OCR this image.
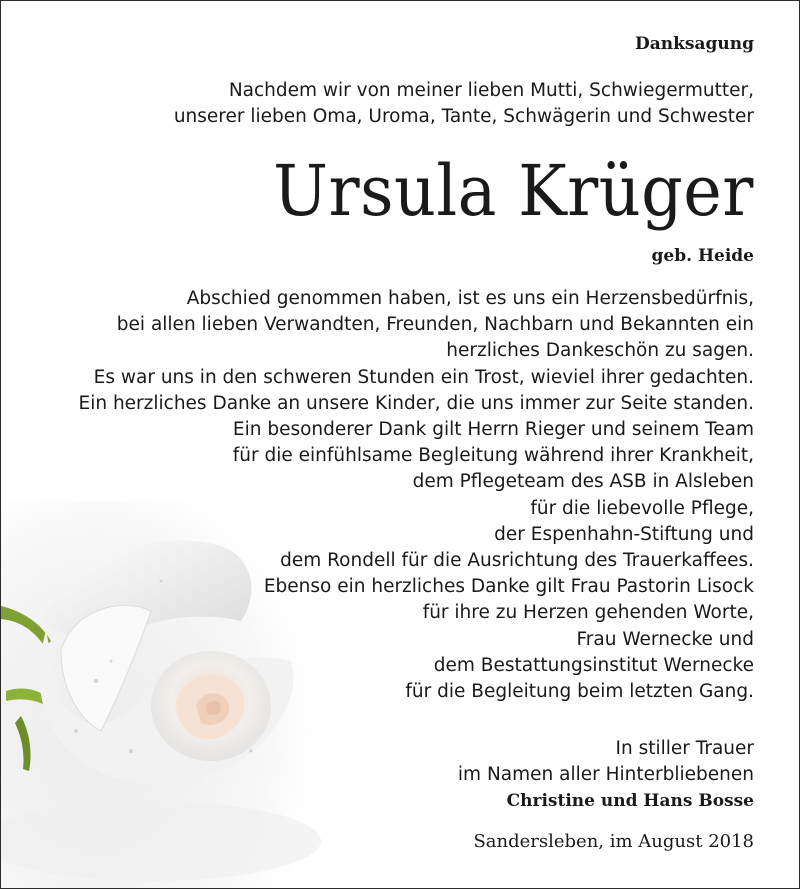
Danksagung
Nachdem wir von meiner lieben Mutti, Schwiegermutter,
unserer lieben Oma, Uroma, Tante, Schwägerin und Schwester
Ursula Krüger
geb. Heide
Abschied genommen haben, ist es uns ein Herzensbedürfnis,
bei allen lieben Verwandten, Freunden, Nachbarn und Bekannten ein
herzliches Dankeschön zu sagen.
Es war uns in den schweren Stunden ein Trost, wieviel ihrer gedachten.
Ein herzliches Danke an unsere Kinder, die uns immer zur Seite standen.
Ein besonderer Dank gilt Herrn Rieger und seinem Team
für die einfühlsame Begleitung während ihrer Krankheit,
dem Pflegeteam des ASB in Alsleben
für die liebevolle Pflege,
der Espenhahn-Stiftung und
dem Rondell für die Ausrichtung des Trauerkaffees.
Ebenso ein herzliches Danke gilt Frau Pastorin Lisock
für ihre zu Herzen gehenden Worte,
Frau Wernecke und
dem Bestattungsinstitut Wernecke
für die Begleitung beim letzten Gang.
In stiller Trauer
im Namen aller Hinterbliebenen
Christine und Hans Bosse
Sandersleben, im August 2018
